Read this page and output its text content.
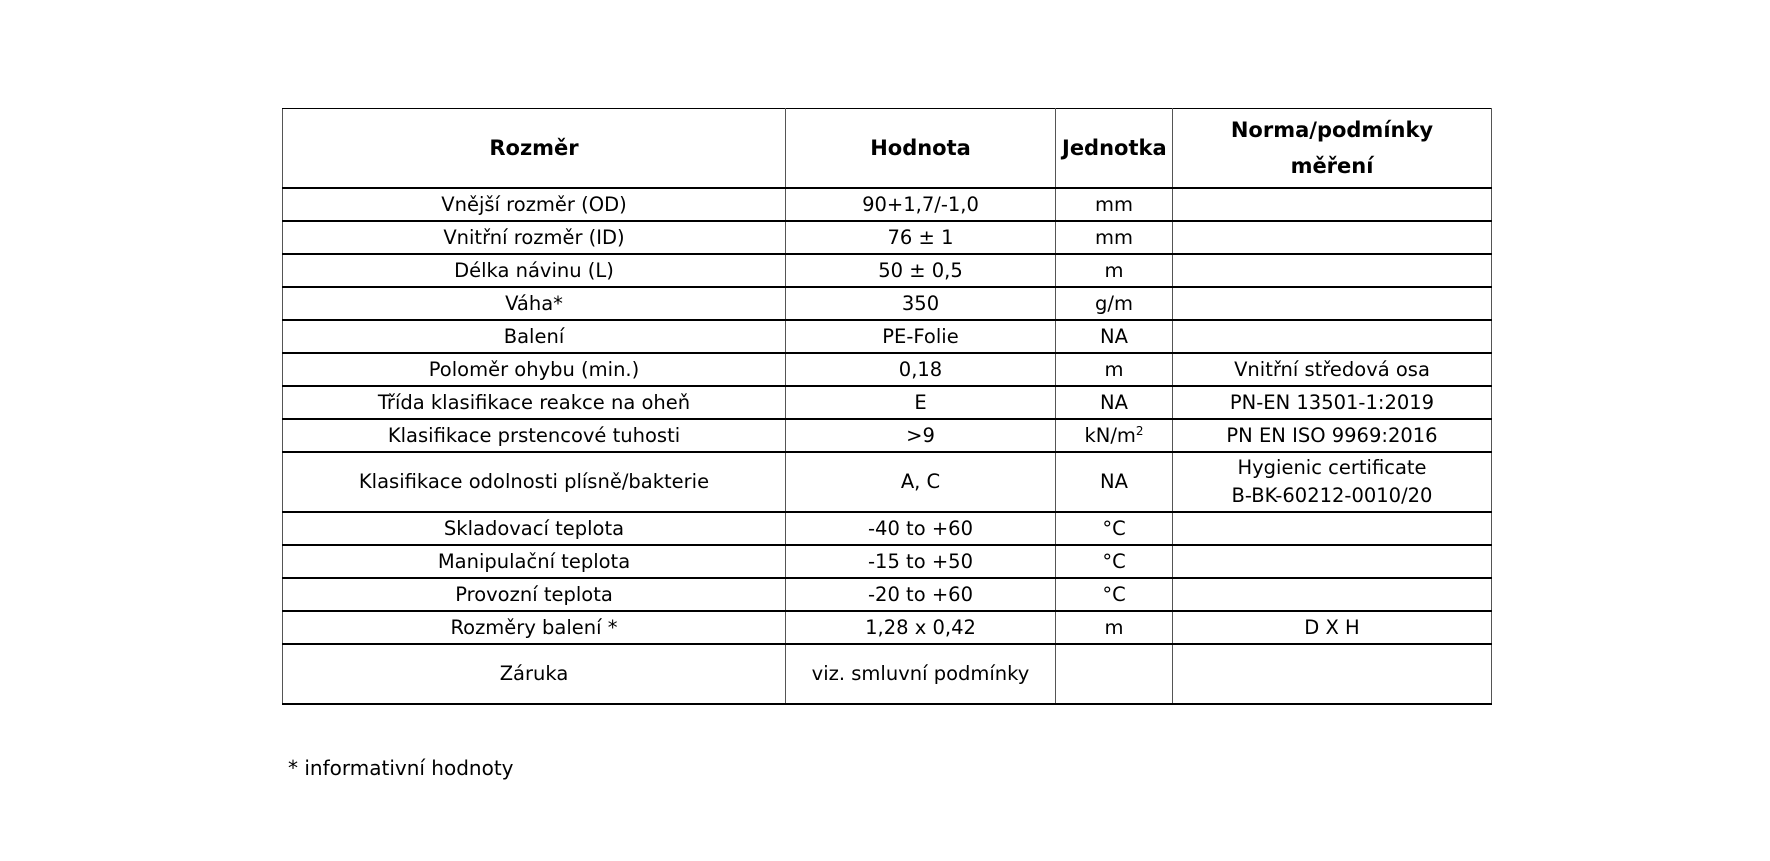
Rozměr	Hodnota	Jednotka	Norma/podmínky
měření

Vnější rozměr (OD)	90+1,7/-1,0	mm	
Vnitřní rozměr (ID)	76 ± 1	mm	
Délka návinu (L)	50 ± 0,5	m	
Váha*	350	g/m	
Balení	PE-Folie	NA	
Poloměr ohybu (min.)	0,18	m	Vnitřní středová osa
Třída klasifikace reakce na oheň	E	NA	PN-EN 13501-1:2019
Klasifikace prstencové tuhosti	>9	$kN/m^2$	PN EN ISO 9969:2016
Klasifikace odolnosti plísně/bakterie	A, C	NA	Hygienic certificate
B-BK-60212-0010/20

Skladovací teplota	-40 to +60	°C	
Manipulační teplota	-15 to +50	°C	
Provozní teplota	-20 to +60	°C	
Rozměry balení *	1,28 x 0,42	m	D X H
Záruka	viz. smluvní podmínky		
* informativní hodnoty
